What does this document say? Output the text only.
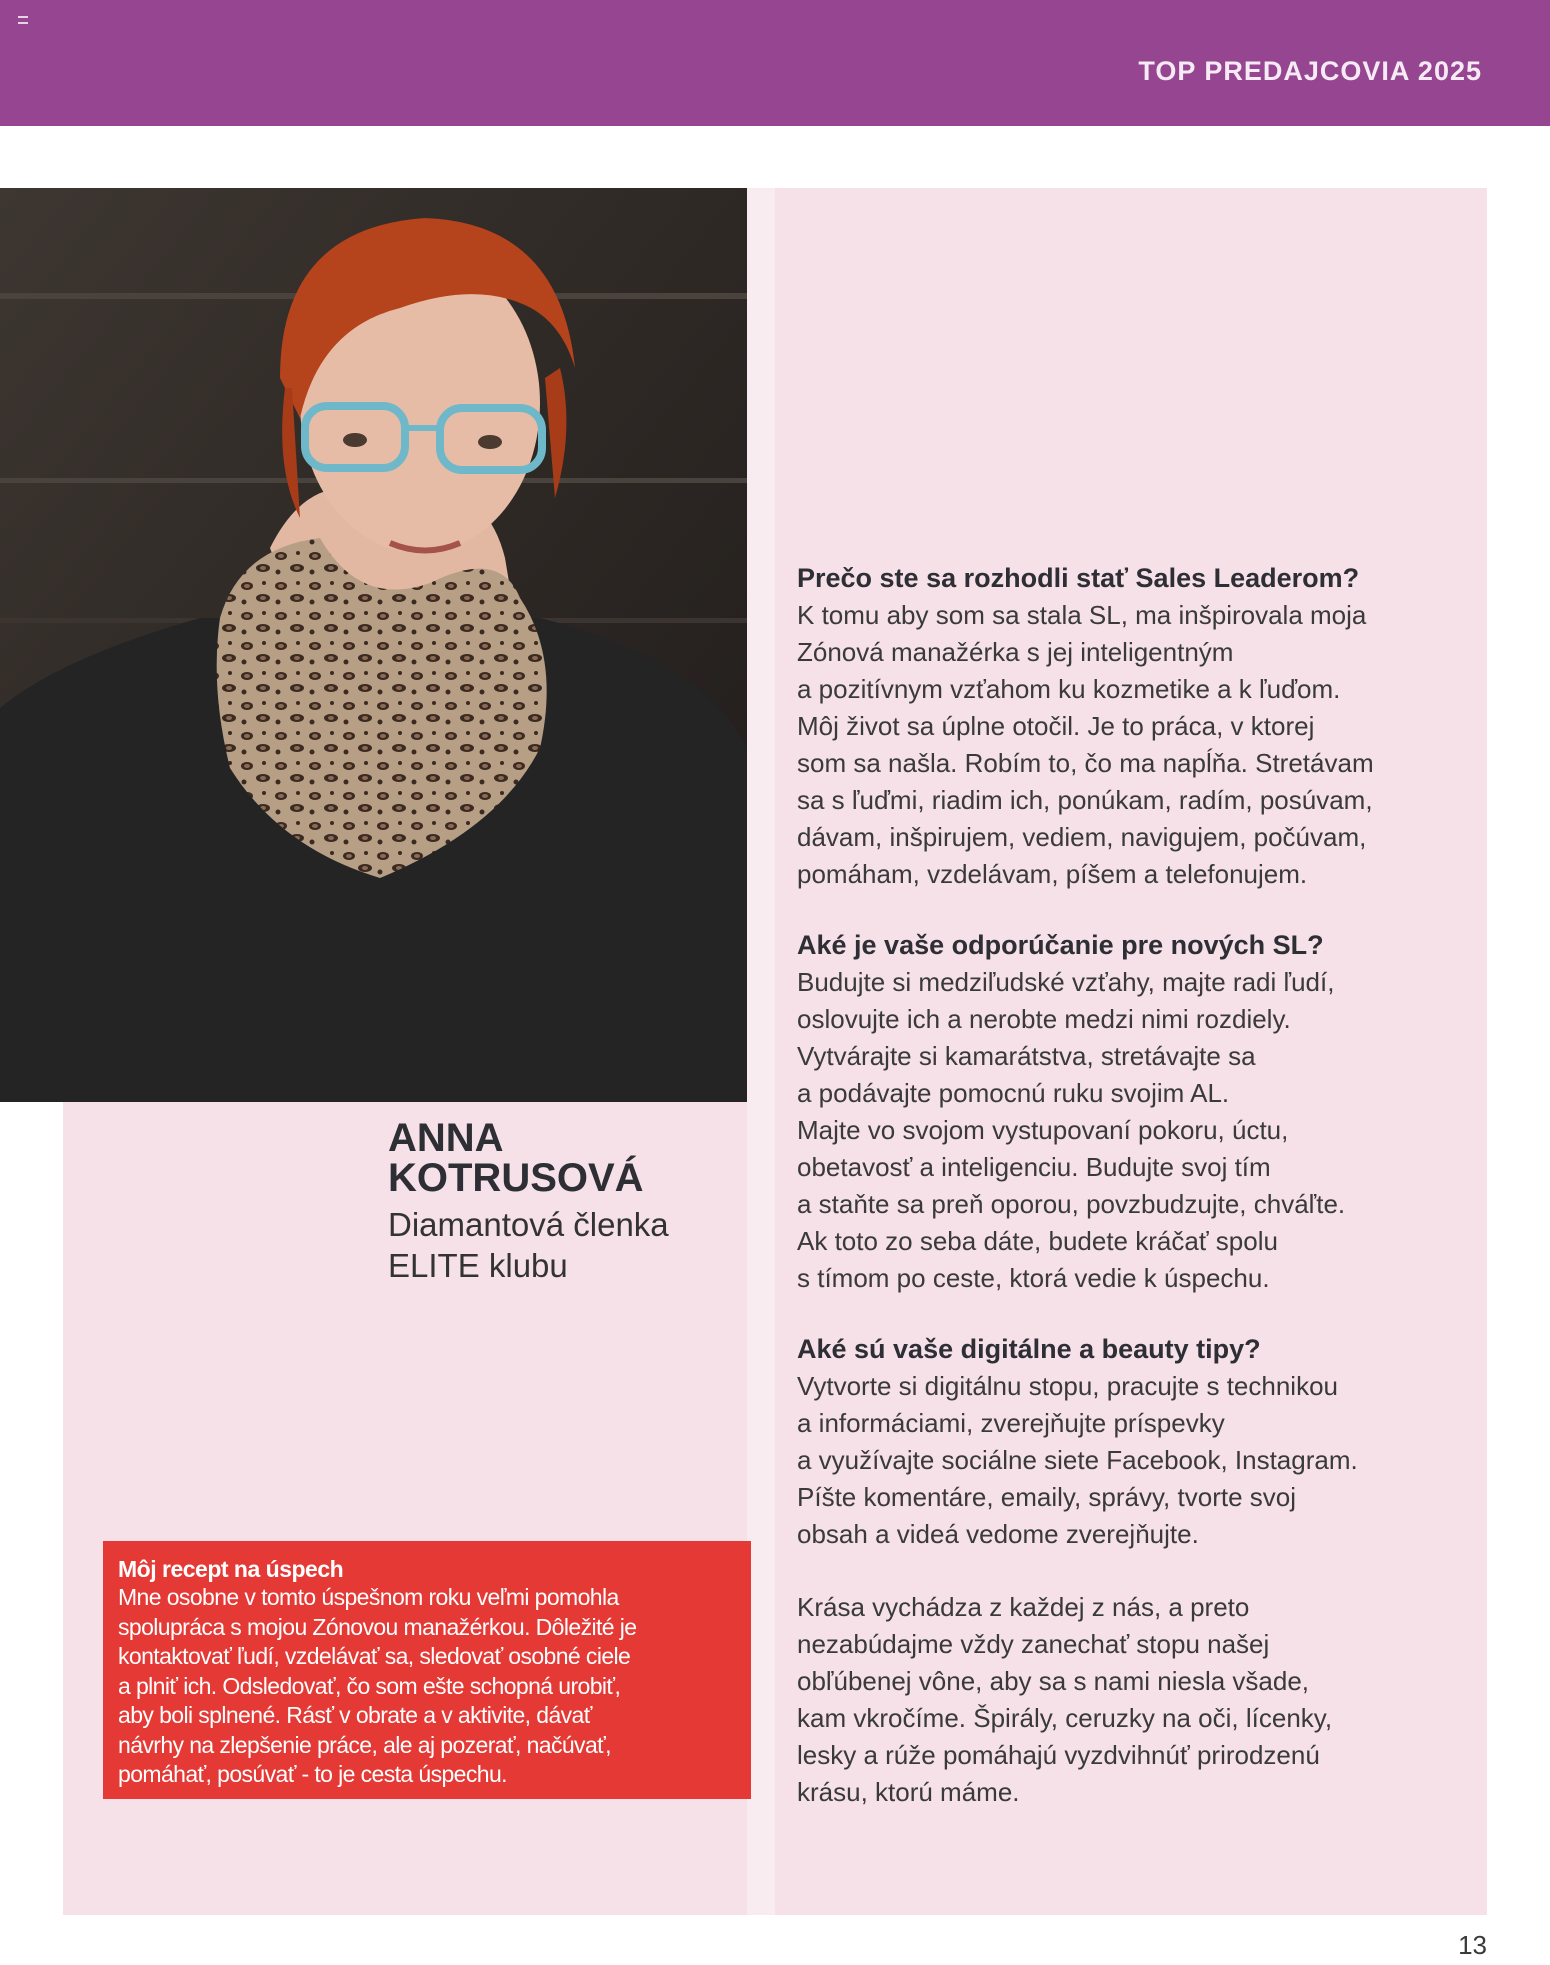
TOP PREDAJCOVIA 2025

ANNA

KOTRUSOVÁ

Diamantová členka

ELITE klubu

Môj recept na úspech

Mne osobne v tomto úspešnom roku veľmi pomohla

spolupráca s mojou Zónovou manažérkou. Dôležité je

kontaktovať ľudí, vzdelávať sa, sledovať osobné ciele

a plniť ich. Odsledovať, čo som ešte schopná urobiť,

aby boli splnené. Rásť v obrate a v aktivite, dávať

návrhy na zlepšenie práce, ale aj pozerať, načúvať,

pomáhať, posúvať - to je cesta úspechu.

Prečo ste sa rozhodli stať Sales Leaderom?

K tomu aby som sa stala SL, ma inšpirovala moja

Zónová manažérka s jej inteligentným

a pozitívnym vzťahom ku kozmetike a k ľuďom.

Môj život sa úplne otočil. Je to práca, v ktorej

som sa našla. Robím to, čo ma napĺňa. Stretávam

sa s ľuďmi, riadim ich, ponúkam, radím, posúvam,

dávam, inšpirujem, vediem, navigujem, počúvam,

pomáham, vzdelávam, píšem a telefonujem.

Aké je vaše odporúčanie pre nových SL?

Budujte si medziľudské vzťahy, majte radi ľudí,

oslovujte ich a nerobte medzi nimi rozdiely.

Vytvárajte si kamarátstva, stretávajte sa

a podávajte pomocnú ruku svojim AL.

Majte vo svojom vystupovaní pokoru, úctu,

obetavosť a inteligenciu. Budujte svoj tím

a staňte sa preň oporou, povzbudzujte, chváľte.

Ak toto zo seba dáte, budete kráčať spolu

s tímom po ceste, ktorá vedie k úspechu.

Aké sú vaše digitálne a beauty tipy?

Vytvorte si digitálnu stopu, pracujte s technikou

a informáciami, zverejňujte príspevky

a využívajte sociálne siete Facebook, Instagram.

Píšte komentáre, emaily, správy, tvorte svoj

obsah a videá vedome zverejňujte.

Krása vychádza z každej z nás, a preto

nezabúdajme vždy zanechať stopu našej

obľúbenej vône, aby sa s nami niesla všade,

kam vkročíme. Špirály, ceruzky na oči, lícenky,

lesky a rúže pomáhajú vyzdvihnúť prirodzenú

krásu, ktorú máme.

13
